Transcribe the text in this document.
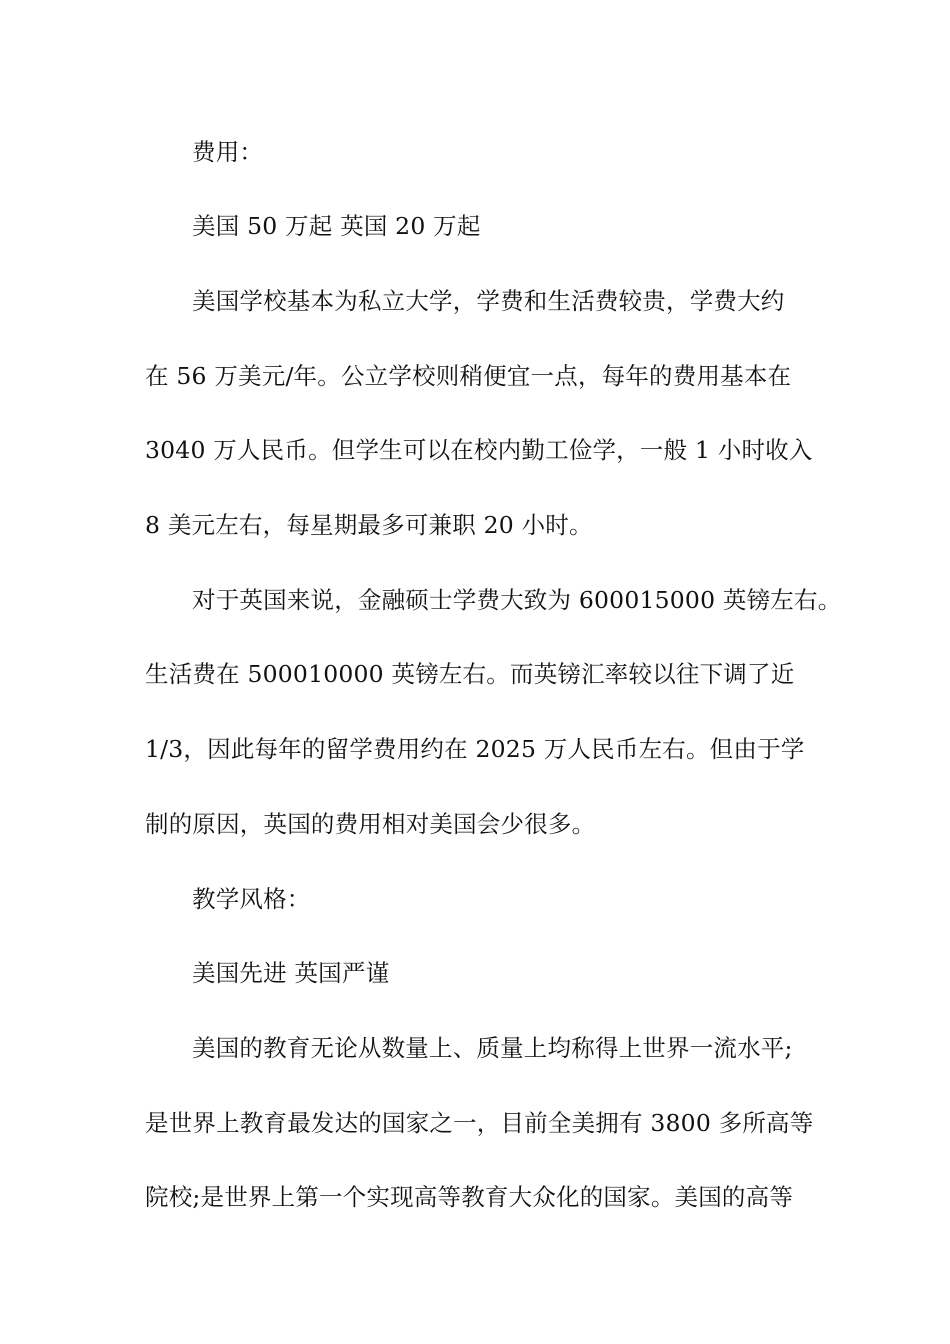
费用：
美国 50 万起 英国 20 万起
美国学校基本为私立大学，学费和生活费较贵，学费大约
在 56 万美元/年。公立学校则稍便宜一点，每年的费用基本在
3040 万人民币。但学生可以在校内勤工俭学，一般 1 小时收入
8 美元左右，每星期最多可兼职 20 小时。
对于英国来说，金融硕士学费大致为 600015000 英镑左右。
生活费在 500010000 英镑左右。而英镑汇率较以往下调了近
1/3，因此每年的留学费用约在 2025 万人民币左右。但由于学
制的原因，英国的费用相对美国会少很多。
教学风格：
美国先进 英国严谨
美国的教育无论从数量上、质量上均称得上世界一流水平;
是世界上教育最发达的国家之一，目前全美拥有 3800 多所高等
院校;是世界上第一个实现高等教育大众化的国家。美国的高等
